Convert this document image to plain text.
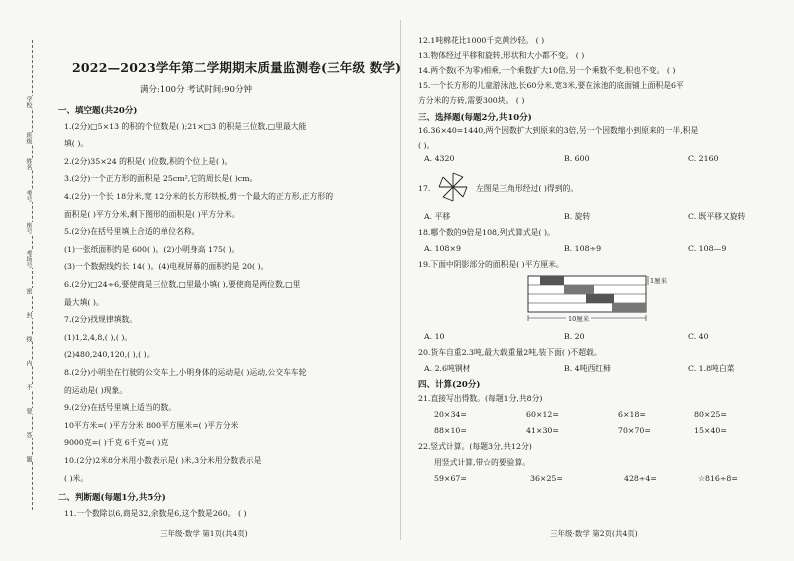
学校
班级
姓名
考号
座号
考场号
密
封
线
内
不
要
答
题
2022—2023学年第二学期期末质量监测卷(三年级 数学)
满分:100分 考试时间:90分钟
一、填空题(共20分)
1.(2分)□5×13 的积的个位数是( );21×□3 的积是三位数,□里最大能
填( )。
2.(2分)35×24 的积是( )位数,积的个位上是( )。
3.(2分)一个正方形的面积是 25cm²,它的周长是( )cm。
4.(2分)一个长 18分米,宽 12分米的长方形铁板,剪一个最大的正方形,正方形的
面积是( )平方分米,剩下图形的面积是( )平方分米。
5.(2分)在括号里填上合适的单位名称。
(1)一张纸面积约是 600( )。(2)小明身高 175( )。
(3)一个数据线约长 14( )。(4)电视屏幕的面积约是 20( )。
6.(2分)□24÷6,要使商是三位数,□里最小填( ),要使商是两位数,□里
最大填( )。
7.(2分)找规律填数。
(1)1,2,4,8,( ),( )。
(2)480,240,120,( ),( )。
8.(2分)小明坐在行驶的公交车上,小明身体的运动是( )运动,公交车车轮
的运动是( )现象。
9.(2分)在括号里填上适当的数。
10平方米=( )平方分米 800平方厘米=( )平方分米
9000克=( )千克 6千克=( )克
10.(2分)2米8分米用小数表示是( )米,3分米用分数表示是
( )米。
二、判断题(每题1分,共5分)
11.一个数除以6,商是32,余数是6,这个数是260。 ( )
三年级·数学 第1页(共4页)
12.1吨棉花比1000千克黄沙轻。 ( )
13.物体经过平移和旋转,形状和大小都不变。 ( )
14.两个数(不为零)相乘,一个乘数扩大10倍,另一个乘数不变,积也不变。 ( )
15.一个长方形的儿童游泳池,长60分米,宽3米,要在泳池的底面铺上面积是6平
方分米的方砖,需要300块。 ( )
三、选择题(每题2分,共10分)
16.36×40=1440,两个因数扩大到原来的3倍,另一个因数缩小到原来的一半,积是
( )。
A. 4320	B. 600	C. 2160
17.	左图是三角形经过( )得到的。
A. 平移	B. 旋转	C. 既平移又旋转
18.哪个数的9倍是108,列式算式是( )。
A. 108×9	B. 108÷9	C. 108—9
19.下面中阴影部分的面积是( )平方厘米。
1厘米
10厘米
A. 10	B. 20	C. 40
20.货车自重2.3吨,最大载重量2吨,装下面( )不超载。
A. 2.6吨钢材	B. 4吨西红柿	C. 1.8吨白菜
四、计算(20分)
21.直接写出得数。(每题1分,共8分)
20×34=	60×12=	6×18=	80×25=
88×10=	41×30=	70×70=	15×40=
22.竖式计算。(每题3分,共12分)
用竖式计算,带☆的要验算。
59×67=	36×25=	428÷4=	☆816÷8=
三年级·数学 第2页(共4页)
